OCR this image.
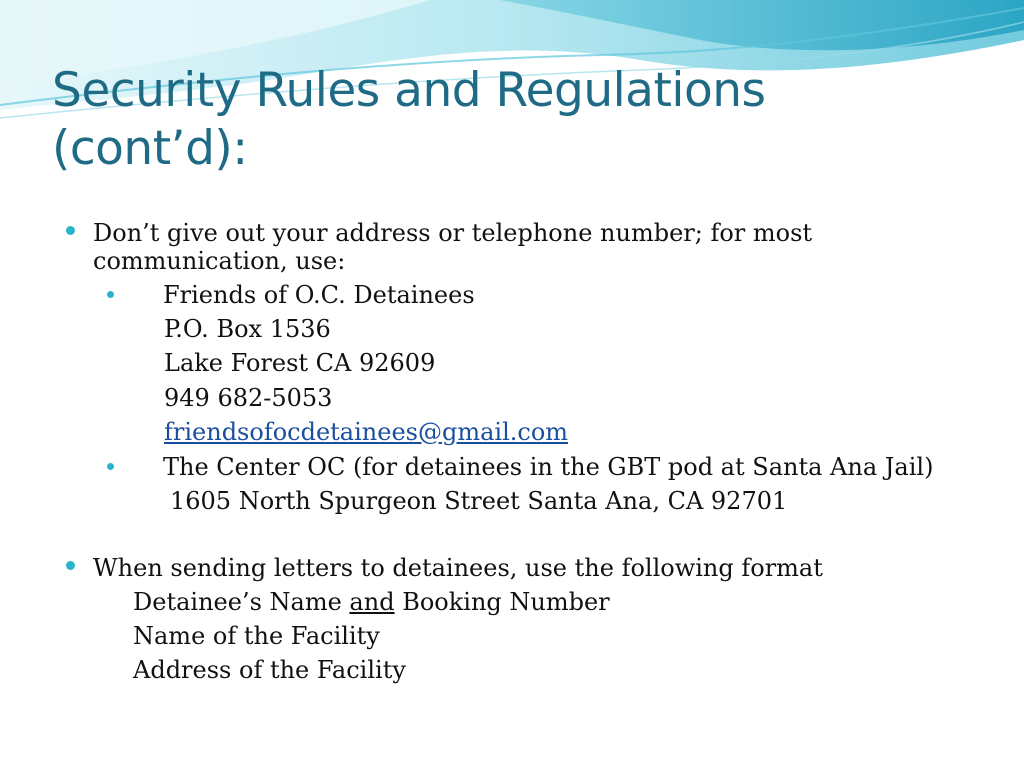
Security Rules and Regulations
(cont’d):
Don’t give out your address or telephone number; for most
communication, use:
Friends of O.C. Detainees
P.O. Box 1536
Lake Forest CA 92609
949 682-5053
friendsofocdetainees@gmail.com
The Center OC (for detainees in the GBT pod at Santa Ana Jail)
1605 North Spurgeon Street Santa Ana, CA 92701
When sending letters to detainees, use the following format
Detainee’s Name and Booking Number
Name of the Facility
Address of the Facility
